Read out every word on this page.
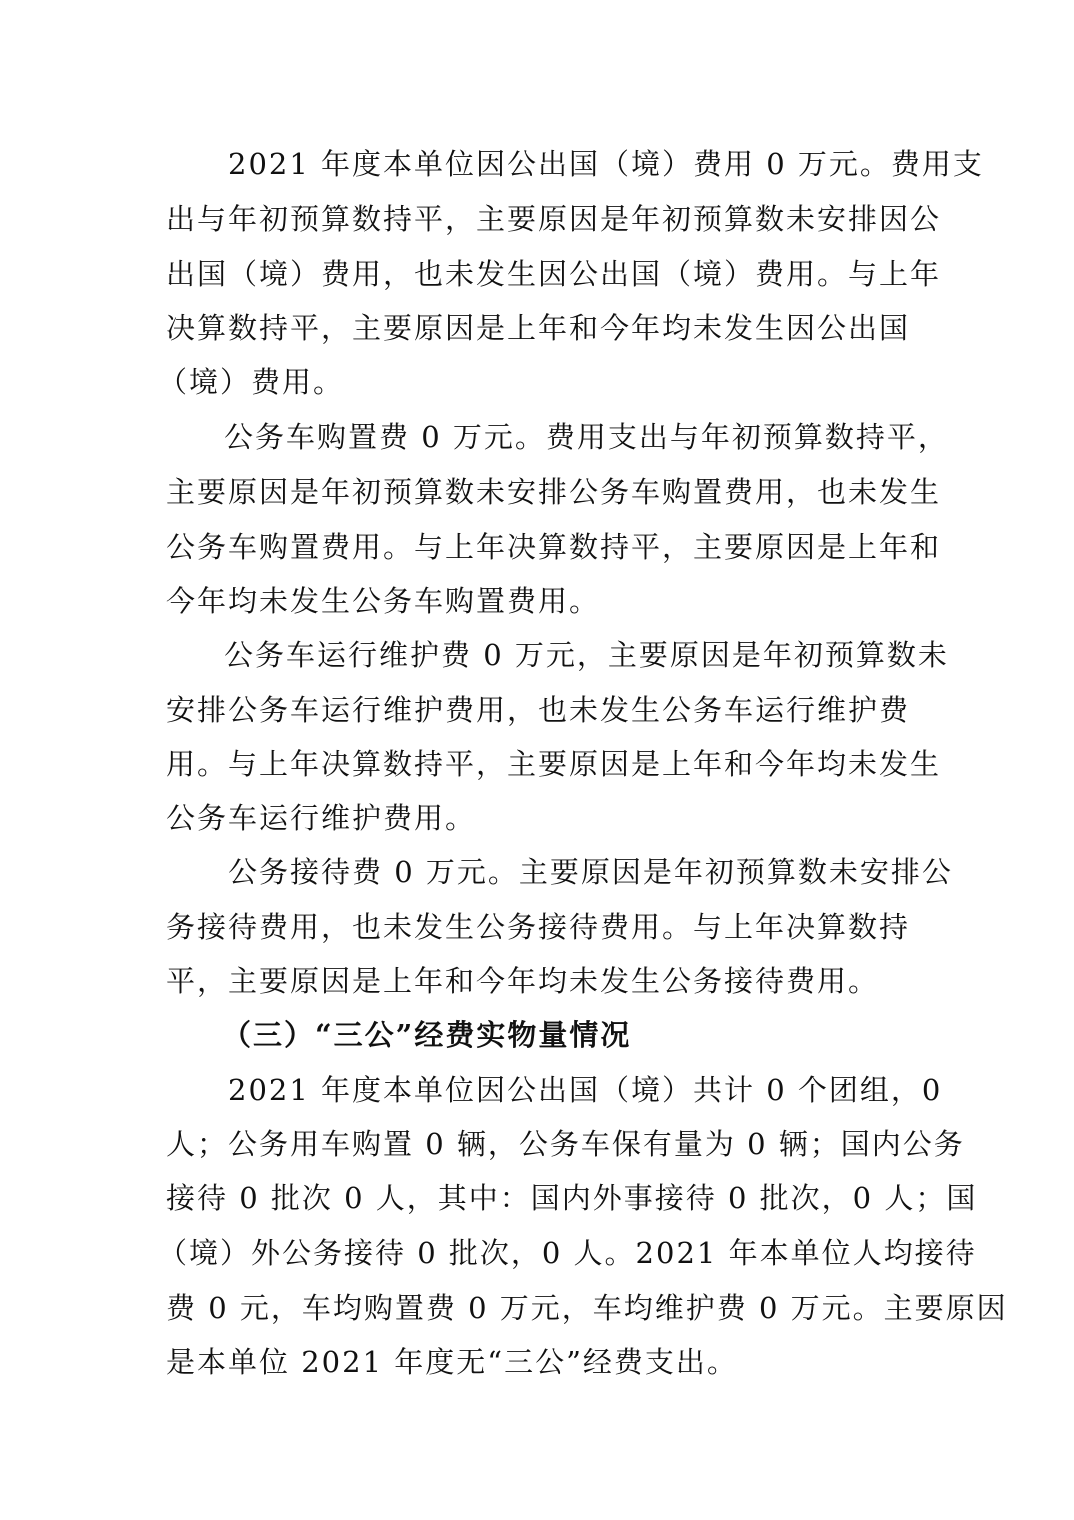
2021 年度本单位因公出国（境）费用 0 万元。费用支
出与年初预算数持平，主要原因是年初预算数未安排因公
出国（境）费用，也未发生因公出国（境）费用。与上年
决算数持平，主要原因是上年和今年均未发生因公出国
（境）费用。
公务车购置费 0 万元。费用支出与年初预算数持平，
主要原因是年初预算数未安排公务车购置费用，也未发生
公务车购置费用。与上年决算数持平，主要原因是上年和
今年均未发生公务车购置费用。
公务车运行维护费 0 万元，主要原因是年初预算数未
安排公务车运行维护费用，也未发生公务车运行维护费
用。与上年决算数持平，主要原因是上年和今年均未发生
公务车运行维护费用。
公务接待费 0 万元。主要原因是年初预算数未安排公
务接待费用，也未发生公务接待费用。与上年决算数持
平，主要原因是上年和今年均未发生公务接待费用。
（三）“三公”经费实物量情况
2021 年度本单位因公出国（境）共计 0 个团组，0
人；公务用车购置 0 辆，公务车保有量为 0 辆；国内公务
接待 0 批次 0 人，其中：国内外事接待 0 批次，0 人；国
（境）外公务接待 0 批次，0 人。2021 年本单位人均接待
费 0 元，车均购置费 0 万元，车均维护费 0 万元。主要原因
是本单位 2021 年度无“三公”经费支出。
